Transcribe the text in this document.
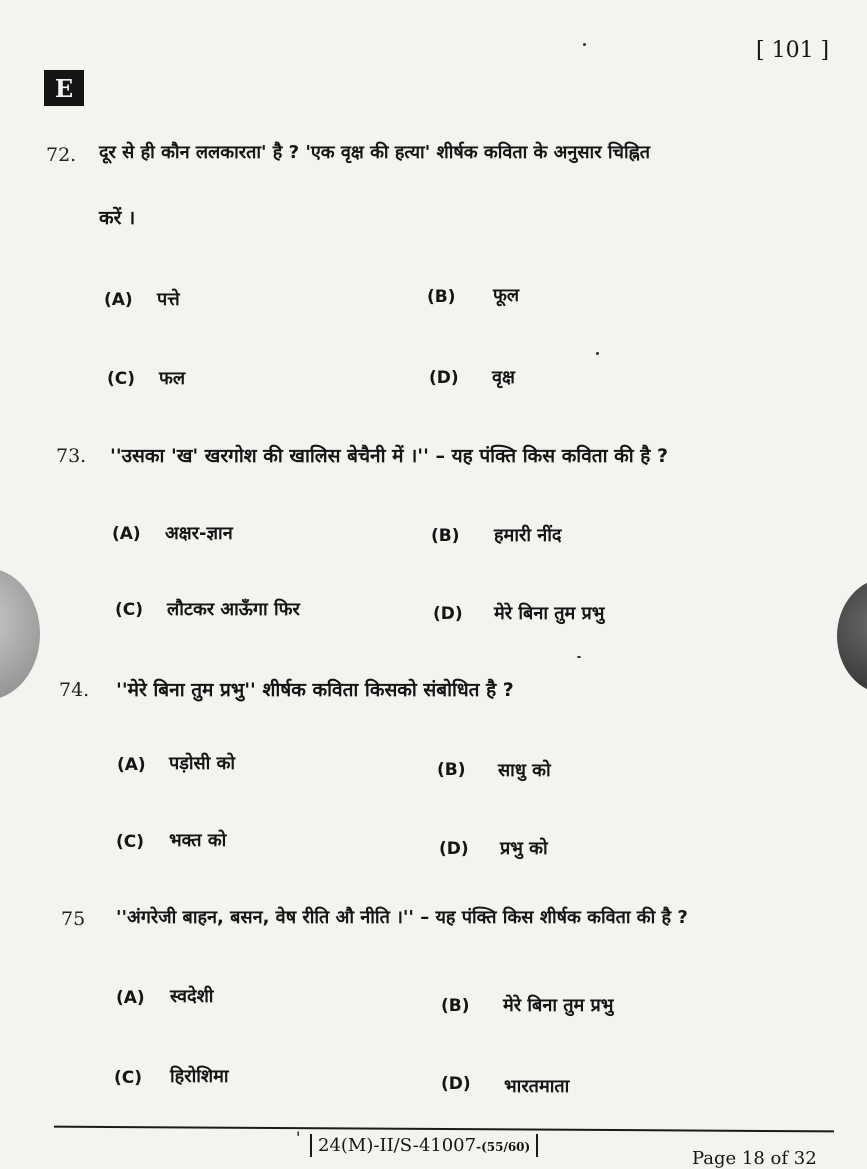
[ 101 ]
E
72. दूर से ही कौन ललकारता' है ? 'एक वृक्ष की हत्या' शीर्षक कविता के अनुसार चिह्नित
करें ।
(A) पत्ते	(B) फूल
(C) फल	(D) वृक्ष
73. ''उसका 'ख' खरगोश की खालिस बेचैनी में ।'' – यह पंक्ति किस कविता की है ?
(A) अक्षर-ज्ञान	(B) हमारी नींद
(C) लौटकर आऊँगा फिर	(D) मेरे बिना तुम प्रभु
74. ''मेरे बिना तुम प्रभु'' शीर्षक कविता किसको संबोधित है ?
(A) पड़ोसी को	(B) साधु को
(C) भक्त को	(D) प्रभु को
75 ''अंगरेजी बाहन, बसन, वेष रीति औ नीति ।'' – यह पंक्ति किस शीर्षक कविता की है ?
(A) स्वदेशी	(B) मेरे बिना तुम प्रभु
(C) हिरोशिमा	(D) भारतमाता
' 24(M)-II/S-41007-(55/60)
Page 18 of 32
